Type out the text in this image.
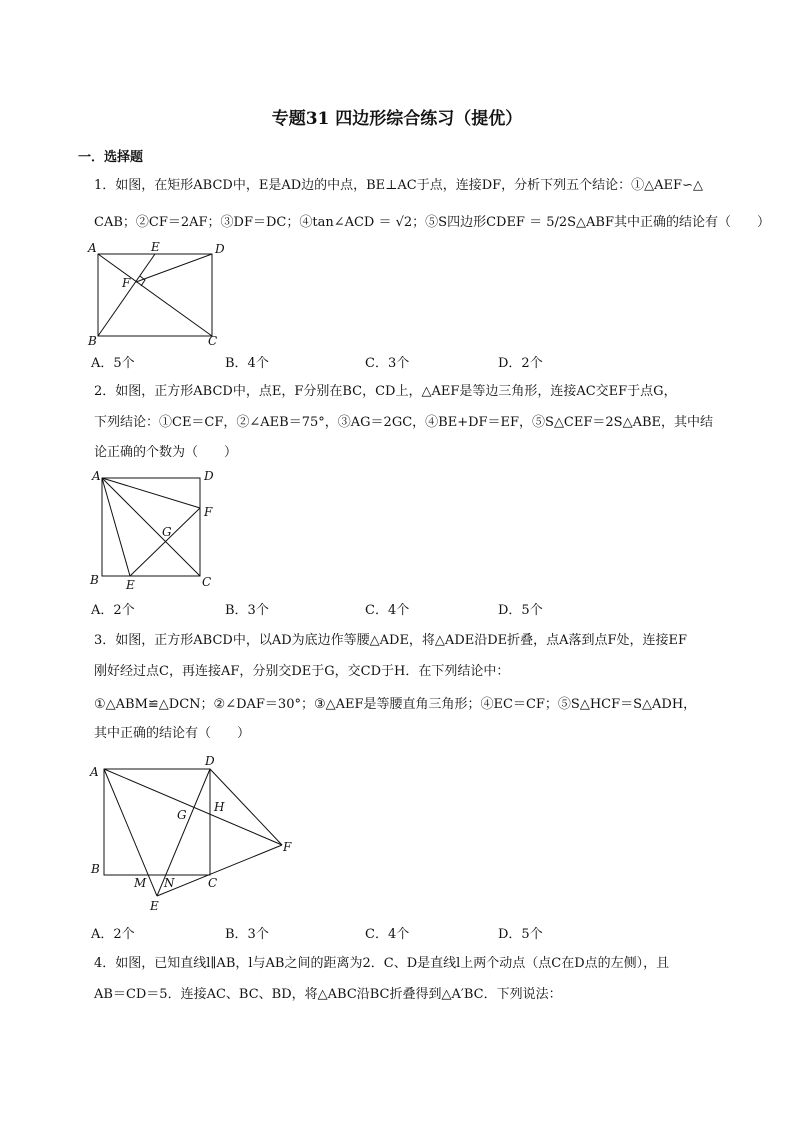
专题31 四边形综合练习（提优）
一．选择题
1．如图，在矩形ABCD中，E是AD边的中点，BE⊥AC于点，连接DF，分析下列五个结论：①△AEF∽△
CAB；②CF＝2AF；③DF＝DC；④tan∠ACD ＝ √2；⑤S四边形CDEF ＝ 5/2S△ABF其中正确的结论有（　　）
A	E	D
F
B	C
A．5个	B．4个	C．3个	D．2个
2．如图，正方形ABCD中，点E，F分别在BC，CD上，△AEF是等边三角形，连接AC交EF于点G，
下列结论：①CE＝CF，②∠AEB＝75°，③AG＝2GC，④BE+DF＝EF，⑤S△CEF＝2S△ABE，其中结
论正确的个数为（　　）
A	D
F
G
B E	C
A．2个	B．3个	C．4个	D．5个
3．如图，正方形ABCD中，以AD为底边作等腰△ADE，将△ADE沿DE折叠，点A落到点F处，连接EF
刚好经过点C，再连接AF，分别交DE于G，交CD于H．在下列结论中：
①△ABM≌△DCN；②∠DAF＝30°；③△AEF是等腰直角三角形；④EC＝CF；⑤S△HCF＝S△ADH，
其中正确的结论有（　　）
A
D
H
G
F
B
M N	C
E
A．2个	B．3个	C．4个	D．5个
4．如图，已知直线l∥AB，l与AB之间的距离为2．C、D是直线l上两个动点（点C在D点的左侧），且
AB＝CD＝5．连接AC、BC、BD，将△ABC沿BC折叠得到△A′BC．下列说法：
